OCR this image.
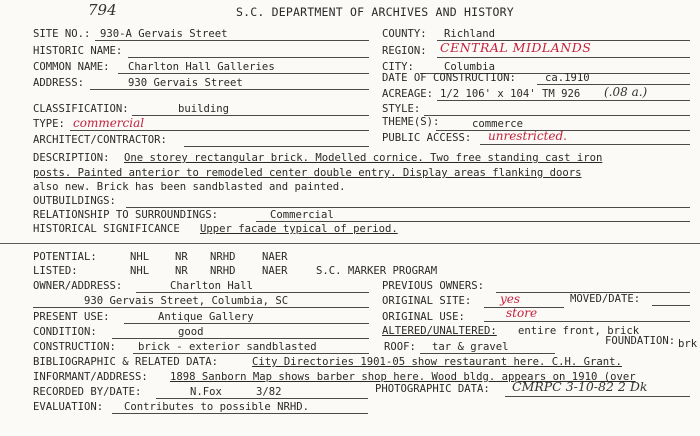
794	S.C. DEPARTMENT OF ARCHIVES AND HISTORY
SITE NO.: 930-A Gervais Street
HISTORIC NAME:
COMMON NAME: Charlton Hall Galleries
ADDRESS:	930 Gervais Street
CLASSIFICATION:	building
TYPE: commercial
ARCHITECT/CONTRACTOR:
COUNTY: Richland
REGION: CENTRAL MIDLANDS
CITY:	Columbia
DATE OF CONSTRUCTION:	ca.1910
ACREAGE: 1/2 106' x 104' TM 926 (.08 a.)
STYLE:
THEME(S):	commerce
PUBLIC ACCESS: unrestricted.
DESCRIPTION: One storey rectangular brick. Modelled cornice. Two free standing cast iron
posts. Painted anterior to remodeled center double entry. Display areas flanking doors
also new. Brick has been sandblasted and painted.
OUTBUILDINGS:
RELATIONSHIP TO SURROUNDINGS:	Commercial
HISTORICAL SIGNIFICANCE Upper facade typical of period.
POTENTIAL:	NHL NR NRHD NAER
LISTED:	NHL NR NRHD NAER	S.C. MARKER PROGRAM
OWNER/ADDRESS:	Charlton Hall
930 Gervais Street, Columbia, SC
PRESENT USE:	Antique Gallery
CONDITION:	good
CONSTRUCTION: brick - exterior sandblasted
PREVIOUS OWNERS:
ORIGINAL SITE: yes	MOVED/DATE:
ORIGINAL USE:	store
ALTERED/UNALTERED: entire front, brick
ROOF: tar & gravel	FOUNDATION: brk
BIBLIOGRAPHIC & RELATED DATA:	City Directories 1901-05 show restaurant here. C.H. Grant.
INFORMANT/ADDRESS: 1898 Sanborn Map shows barber shop here. Wood bldg. appears on 1910 (over
RECORDED BY/DATE:	N.Fox	3/82	PHOTOGRAPHIC DATA: CMRPC 3-10-82 2 Dk
EVALUATION: Contributes to possible NRHD.
